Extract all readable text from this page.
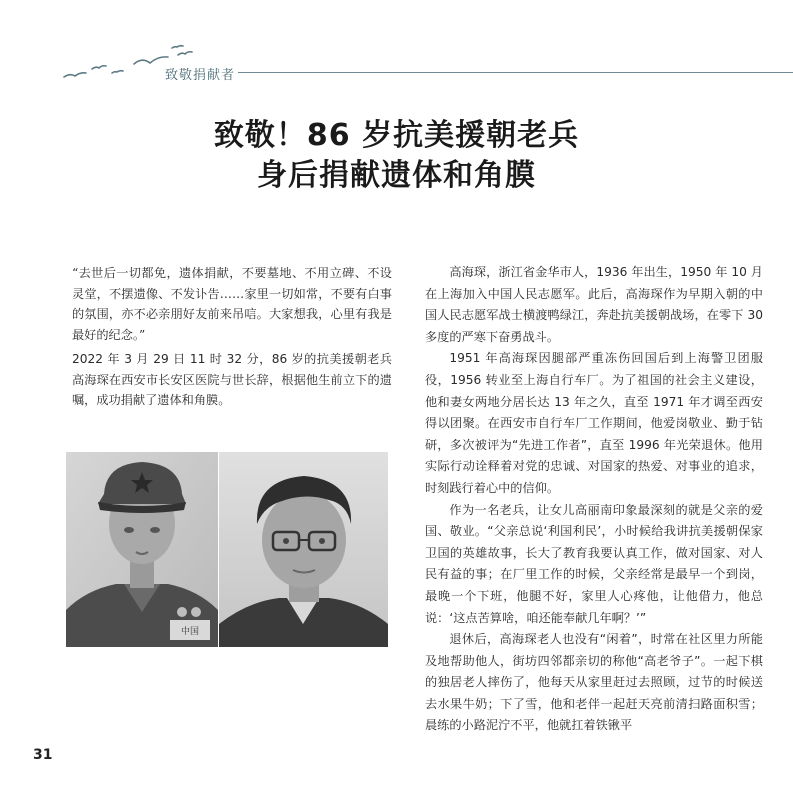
致敬捐献者
致敬！86 岁抗美援朝老兵
身后捐献遗体和角膜
“去世后一切都免，遗体捐献，不要墓地、不用立碑、不设灵堂，不摆遗像、不发讣告……家里一切如常，不要有白事的氛围，亦不必亲朋好友前来吊唁。大家想我，心里有我是最好的纪念。”
2022 年 3 月 29 日 11 时 32 分，86 岁的抗美援朝老兵高海琛在西安市长安区医院与世长辞，根据他生前立下的遗嘱，成功捐献了遗体和角膜。
中国

高海琛，浙江省金华市人，1936 年出生，1950 年 10 月在上海加入中国人民志愿军。此后，高海琛作为早期入朝的中国人民志愿军战士横渡鸭绿江，奔赴抗美援朝战场，在零下 30 多度的严寒下奋勇战斗。

1951 年高海琛因腿部严重冻伤回国后到上海警卫团服役，1956 转业至上海自行车厂。为了祖国的社会主义建设，他和妻女两地分居长达 13 年之久，直至 1971 年才调至西安得以团聚。在西安市自行车厂工作期间，他爱岗敬业、勤于钻研，多次被评为“先进工作者”，直至 1996 年光荣退休。他用实际行动诠释着对党的忠诚、对国家的热爱、对事业的追求，时刻践行着心中的信仰。

作为一名老兵，让女儿高丽南印象最深刻的就是父亲的爱国、敬业。“父亲总说‘利国利民’，小时候给我讲抗美援朝保家卫国的英雄故事，长大了教育我要认真工作，做对国家、对人民有益的事；在厂里工作的时候，父亲经常是最早一个到岗，最晚一个下班，他腿不好，家里人心疼他，让他借力，他总说：‘这点苦算啥，咱还能奉献几年啊？’”

退休后，高海琛老人也没有“闲着”，时常在社区里力所能及地帮助他人，街坊四邻都亲切的称他“高老爷子”。一起下棋的独居老人摔伤了，他每天从家里赶过去照顾，过节的时候送去水果牛奶；下了雪，他和老伴一起赶天亮前清扫路面积雪；晨练的小路泥泞不平，他就扛着铁锹平

31
